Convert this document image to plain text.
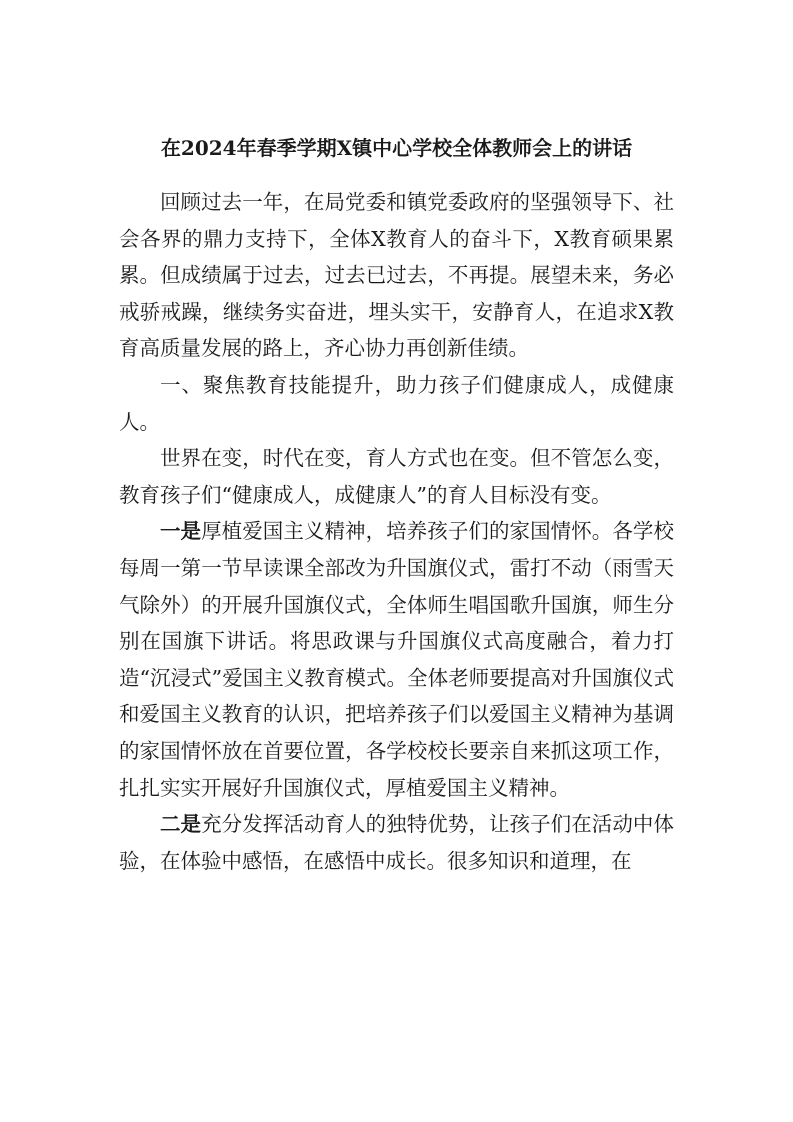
在2024年春季学期X镇中心学校全体教师会上的讲话

回顾过去一年，在局党委和镇党委政府的坚强领导下、社会各界的鼎力支持下，全体X教育人的奋斗下，X教育硕果累累。但成绩属于过去，过去已过去，不再提。展望未来，务必戒骄戒躁，继续务实奋进，埋头实干，安静育人，在追求X教育高质量发展的路上，齐心协力再创新佳绩。

一、聚焦教育技能提升，助力孩子们健康成人，成健康人。

世界在变，时代在变，育人方式也在变。但不管怎么变，教育孩子们“健康成人，成健康人”的育人目标没有变。

一是厚植爱国主义精神，培养孩子们的家国情怀。各学校每周一第一节早读课全部改为升国旗仪式，雷打不动（雨雪天气除外）的开展升国旗仪式，全体师生唱国歌升国旗，师生分别在国旗下讲话。将思政课与升国旗仪式高度融合，着力打造“沉浸式”爱国主义教育模式。全体老师要提高对升国旗仪式和爱国主义教育的认识，把培养孩子们以爱国主义精神为基调的家国情怀放在首要位置，各学校校长要亲自来抓这项工作，扎扎实实开展好升国旗仪式，厚植爱国主义精神。

二是充分发挥活动育人的独特优势，让孩子们在活动中体验，在体验中感悟，在感悟中成长。很多知识和道理，在
